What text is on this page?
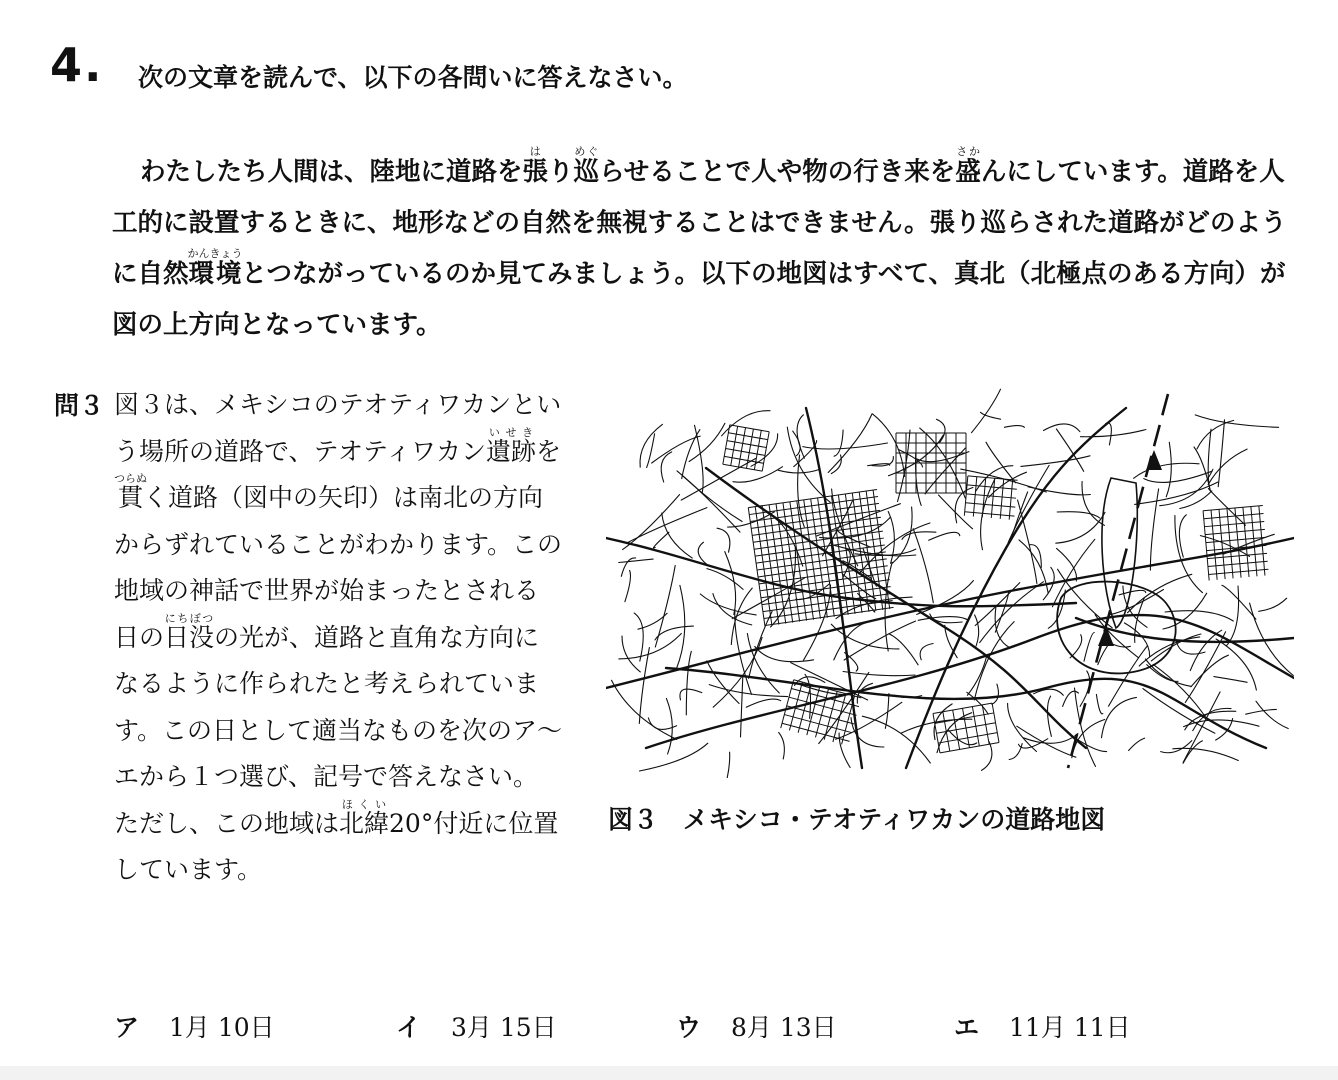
4. 次の文章を読んで、以下の各問いに答えなさい。

わたしたち人間は、陸地に道路を張はり巡めぐらせることで人や物の行き来を盛さかんにしています。道路を人工的に設置するときに、地形などの自然を無視することはできません。張り巡らされた道路がどのように自然環境かんきょうとつながっているのか見てみましょう。以下の地図はすべて、真北（北極点のある方向）が図の上方向となっています。

問３ 図３は、メキシコのテオティワカンという場所の道路で、テオティワカン遺跡いせきを貫つらぬく道路（図中の矢印）は南北の方向からずれていることがわかります。この地域の神話で世界が始まったとされる日の日没にちぼつの光が、道路と直角な方向になるように作られたと考えられています。この日として適当なものを次のア～エから１つ選び、記号で答えなさい。ただし、この地域は北緯ほくい20°付近に位置しています。

図３　メキシコ・テオティワカンの道路地図
ア 1月 10日	イ 3月 15日	ウ 8月 13日	エ 11月 11日
